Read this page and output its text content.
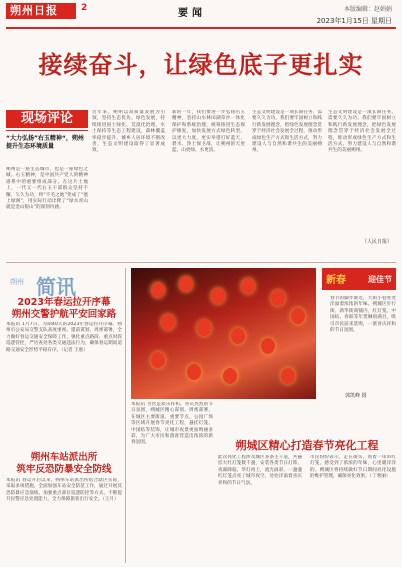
朔州日报	2	要闻	本版编辑：赵娟娟
2023年1月15日 星期日
接续奋斗，让绿色底子更扎实
现场评论
“大力弘扬”右玉精神“，朔州提升生态环境质量
朔州是一座生态城市，也是一座绿色之城。右玉精神，是中国共产党人的精神谱系中的重要组成部分。在这片土地上，一代又一代右玉干部群众坚持不懈、久久为功，将“不毛之地”变成了“塞上绿洲”，用实际行动诠释了“绿水青山就是金山银山”的深刻内涵。
近年来，朔州以高质量发展为引领，坚持生态优先、绿色发展，持续推进国土绿化、荒漠化治理、水土保持等生态工程建设，森林覆盖率稳步提升，城乡人居环境不断改善，生态文明建设取得了显著成效。
新的一年，我们要进一步弘扬右玉精神，坚持山水林田湖草沙一体化保护和系统治理，统筹推进生态保护修复，加快发展方式绿色转型，以更大力度、更实举措打好蓝天、碧水、净土保卫战，让朔州的天更蓝、山更绿、水更清。
生态文明建设是一项长期任务，需要久久为功。我们要牢固树立和践行新发展理念，把绿色发展理念贯穿于经济社会发展全过程，推动形成绿色生产方式和生活方式，努力建设人与自然和谐共生的美丽朔州。
生态文明建设是一项长期任务，需要久久为功。我们要牢固树立和践行新发展理念，把绿色发展理念贯穿于经济社会发展全过程，推动形成绿色生产方式和生活方式，努力建设人与自然和谐共生的美丽朔州。
（人民日报）
朔州 简讯
2023年春运拉开序幕
朔州交警护航平安回家路
本报讯 1月7日，为期40天的2023年春运拉开序幕。朔州市公安局交警支队高度重视，提前谋划、周密部署，全力做好春运交通安全保障工作，强化重点路段、重点时段巡逻管控，严厉查处各类交通违法行为，确保春运期间道路交通安全形势平稳有序。（记者 王惠）
朔州车站派出所
筑牢反恐防暴安全防线
本报讯 春运开启以来，朔州车站派出所结合辖区实际，采取多项措施，全面加强车站安全防范工作，通过开展反恐防暴应急演练、加强重点部位巡逻防控等方式，不断提升民警应急处置能力，全力保障旅客出行安全。（王月）
新春	迎佳节
春节的脚步渐近，大街小巷处处洋溢着浓浓的年味。朔城区步行街、新华街商铺内，红灯笼、中国结、春联等年货琳琅满目，吸引市民前来选购，一派喜庆祥和的节日氛围。
郭凯峰 摄
本报讯 为营造欢乐祥和、喜庆热烈的节日氛围，朔城区精心谋划、周密部署，在城区主要街道、重要节点、公园广场等区域开展春节亮化工程，悬挂灯笼、中国结等装饰，让城市夜景更加绚丽多彩，为广大市民和游客营造出浓浓的新春氛围。	朔城区精心打造春节亮化工程
此次亮化工程涉及城区多条主干道，共悬挂大红灯笼数千盏，安装各类节日灯饰，夜幕降临，华灯初上，流光溢彩，一盏盏红灯笼点亮了城市夜空，处处洋溢着喜庆祥和的节日气氛。
市民纷纷表示，走在街头，看着一串串红灯笼，感受到了浓浓的年味，心里暖洋洋的。朔城区将持续做好节日期间亮化设施的维护管理，确保亮化效果。（丁寒丽）
